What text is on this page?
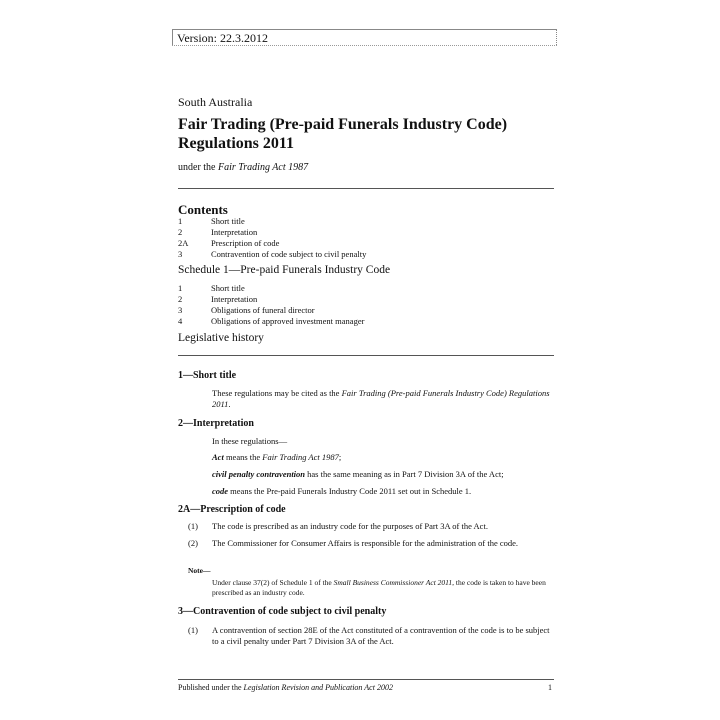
Version: 22.3.2012
South Australia
Fair Trading (Pre-paid Funerals Industry Code)
Regulations 2011
under the Fair Trading Act 1987
Contents
1	Short title
2	Interpretation
2A	Prescription of code
3	Contravention of code subject to civil penalty
Schedule 1—Pre-paid Funerals Industry Code
1	Short title
2	Interpretation
3	Obligations of funeral director
4	Obligations of approved investment manager
Legislative history
1—Short title
These regulations may be cited as the Fair Trading (Pre-paid Funerals Industry Code) Regulations 2011.
2—Interpretation
In these regulations—
Act means the Fair Trading Act 1987;
civil penalty contravention has the same meaning as in Part 7 Division 3A of the Act;
code means the Pre-paid Funerals Industry Code 2011 set out in Schedule 1.
2A—Prescription of code
(1) The code is prescribed as an industry code for the purposes of Part 3A of the Act.
(2) The Commissioner for Consumer Affairs is responsible for the administration of the code.
Note—
Under clause 37(2) of Schedule 1 of the Small Business Commissioner Act 2011, the code is taken to have been prescribed as an industry code.
3—Contravention of code subject to civil penalty
(1) A contravention of section 28E of the Act constituted of a contravention of the code is to be subject to a civil penalty under Part 7 Division 3A of the Act.
Published under the Legislation Revision and Publication Act 2002	1
